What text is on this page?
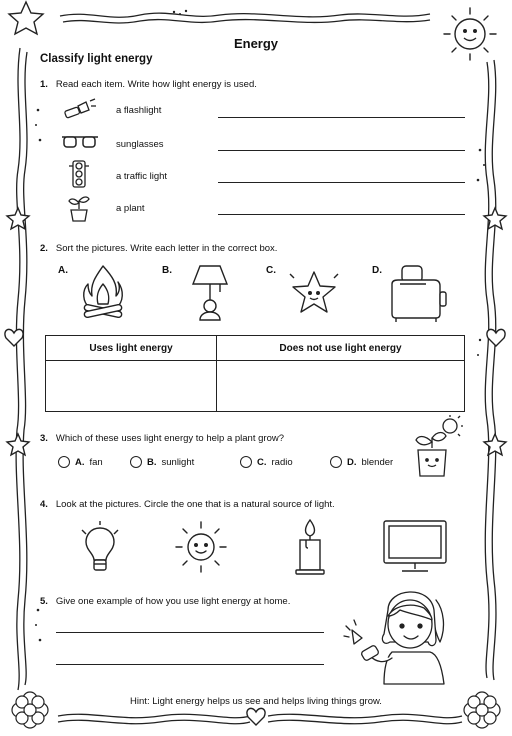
Energy
Classify light energy
1. Read each item. Write how light energy is used.
a flashlight
sunglasses
a traffic light
a plant
2. Sort the pictures. Write each letter in the correct box.
A.	B.	C.	D.
Uses light energy	Does not use light energy

3. Which of these uses light energy to help a plant grow?
A. fan	B. sunlight	C. radio	D. blender
4. Look at the pictures. Circle the one that is a natural source of light.
5. Give one example of how you use light energy at home.
Hint: Light energy helps us see and helps living things grow.
